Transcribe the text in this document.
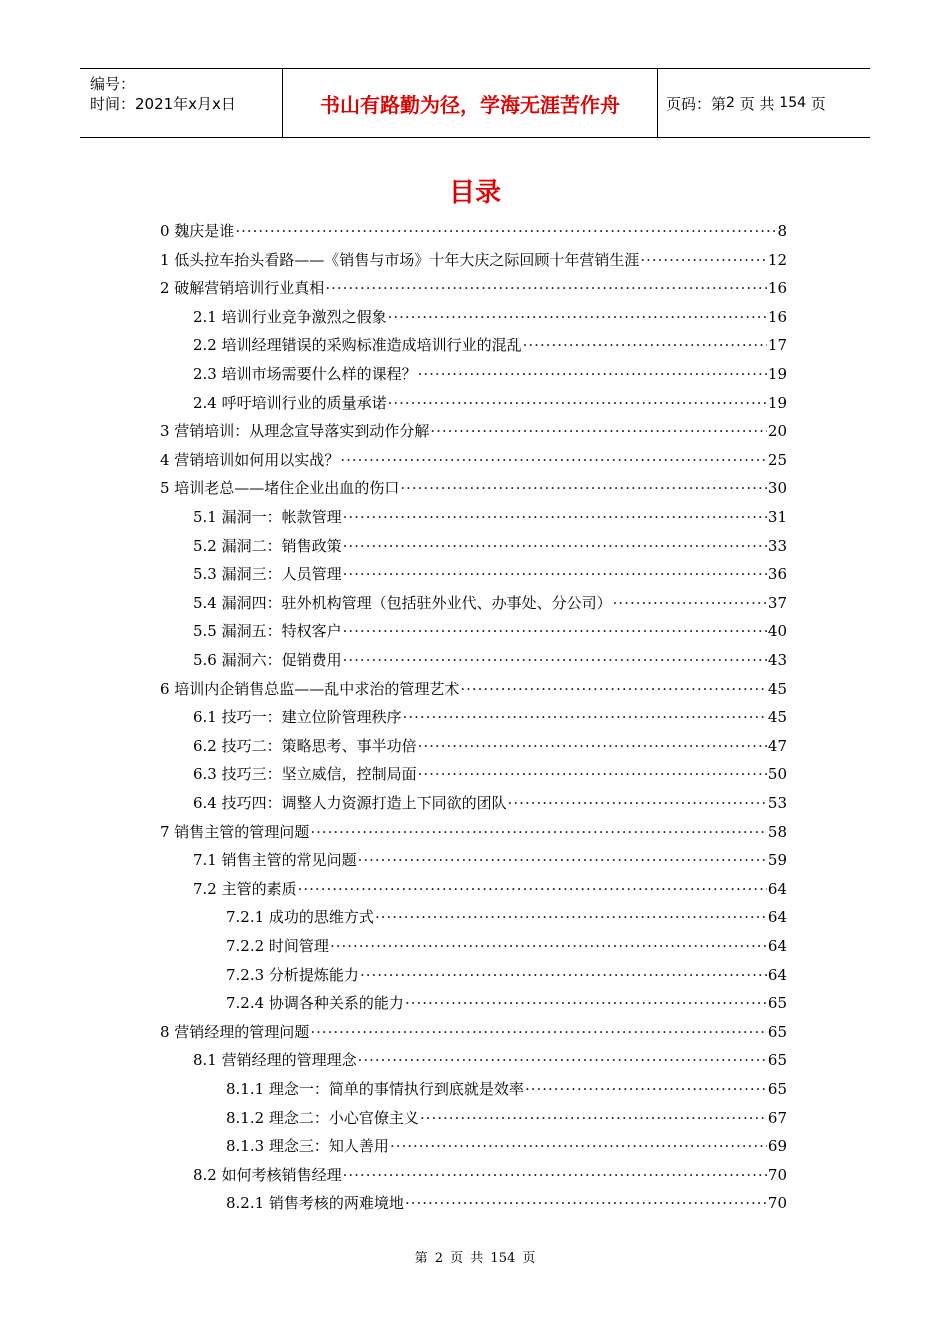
编号：
时间：2021年x月x日	书山有路勤为径，学海无涯苦作舟	页码：第 2
页 共
154
页
目录
0 魏庆是谁 ·····	8
1 低头拉车抬头看路——《销售与市场》十年大庆之际回顾十年营销生涯 ·····	12
2 破解营销培训行业真相 ·····	16
2.1 培训行业竞争激烈之假象 ·····	16
2.2 培训经理错误的采购标准造成培训行业的混乱 ·····	17
2.3 培训市场需要什么样的课程？ ·····	19
2.4 呼吁培训行业的质量承诺 ·····	19
3 营销培训：从理念宣导落实到动作分解 ·····	20
4 营销培训如何用以实战？ ·····	25
5 培训老总——堵住企业出血的伤口 ·····	30
5.1 漏洞一：帐款管理 ·····	31
5.2 漏洞二：销售政策 ·····	33
5.3 漏洞三：人员管理 ·····	36
5.4 漏洞四：驻外机构管理（包括驻外业代、办事处、分公司） ·····	37
5.5 漏洞五：特权客户 ·····	40
5.6 漏洞六：促销费用 ·····	43
6 培训内企销售总监——乱中求治的管理艺术 ·····	45
6.1 技巧一：建立位阶管理秩序 ·····	45
6.2 技巧二：策略思考、事半功倍 ·····	47
6.3 技巧三：坚立威信，控制局面 ·····	50
6.4 技巧四：调整人力资源打造上下同欲的团队 ·····	53
7 销售主管的管理问题 ·····	58
7.1 销售主管的常见问题 ·····	59
7.2 主管的素质 ·····	64
7.2.1 成功的思维方式 ·····	64
7.2.2 时间管理 ·····	64
7.2.3 分析提炼能力 ·····	64
7.2.4 协调各种关系的能力 ·····	65
8 营销经理的管理问题 ·····	65
8.1 营销经理的管理理念 ·····	65
8.1.1 理念一：简单的事情执行到底就是效率 ·····	65
8.1.2 理念二：小心官僚主义 ·····	67
8.1.3 理念三：知人善用 ·····	69
8.2 如何考核销售经理 ·····	70
8.2.1 销售考核的两难境地 ·····	70
第 2 页 共 154 页
